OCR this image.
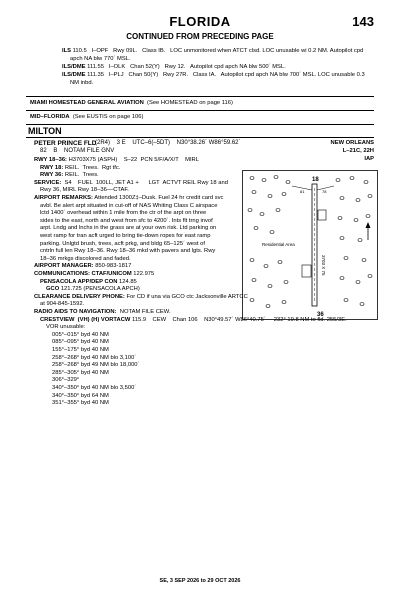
FLORIDA	143
CONTINUED FROM PRECEDING PAGE
ILS 110.5   I–OPF   Rwy 09L.   Class IB.   LOC unmonitored when ATCT clsd. LOC unusable wi 0.2 NM. Autopilot cpd
apch NA blw 770´ MSL.
ILS/DME 111.55   I–OLK   Chan 52(Y)   Rwy 12.   Autopilot cpd apch NA blw 500´ MSL.
ILS/DME 111.35   I–PLJ   Chan 50(Y)   Rwy 27R.   Class IA.   Autopilot cpd apch NA blw 700´ MSL. LOC unusable 0.3
NM inbd.
MIAMI HOMESTEAD GENERAL AVIATION  (See HOMESTEAD on page 116)
MID–FLORIDA  (See EUSTIS on page 106)
MILTON
PETER PRINCE FLD
(2R4)    3 E    UTC–6(–5DT)    N30°38.26´ W86°59.62´
82    B    NOTAM FILE GNV
NEW ORLEANS
L–21C, 22H
IAP
RWY 18–36: H3703X75 (ASPH)    S–22  PCN 5/F/A/X/T    MIRL
RWY 18: REIL.  Trees.  Rgt tfc.
RWY 36: REIL.  Trees.
SERVICE:  S4    FUEL  100LL, JET A1 +      LGT  ACTVT REIL Rwy 18 and
Rwy 36, MIRL Rwy 18–36––CTAF.
AIRPORT REMARKS: Attended 1300Z‡–Dusk. Fuel 24 hr credit card svc
avbl. Be alert arpt situated in cut-off of NAS Whiting Class C airspace
lctd 1400´ overhead within 1 mile from the ctr of the arpt on three
sides to the east, north and west from sfc to 4200´. Ints flt trng invof
arpt. Lndg and lnchs in the grass are at your own risk. Ltd parking on
west ramp for tran acft urged to bring tie-down ropes for east ramp
parking. Unlgtd brush, trees, acft prkg, and bldg 65–125´ west of
cntrln full len Rwy 18–36. Rwy 18–36 mkd with pavers and lgts. Rwy
18–36 mrkgs discolored and faded.
AIRPORT MANAGER: 850-983-1817
COMMUNICATIONS: CTAF/UNICOM 122.975
PENSACOLA APP/DEP CON 124.85
GCO 121.725 (PENSACOLA APCH)
CLEARANCE DELIVERY PHONE: For CD if una via GCO ctc Jacksonville ARTCC
at 904-845-1592.
RADIO AIDS TO NAVIGATION:  NOTAM FILE CEW.
CRESTVIEW  (VH) (H) VORTACW 115.9    CEW    Chan 106    N30°49.57´ W86°40.75´     232° 19.8 NM to fld. 255/3E.
VOR unusable:
005°–015° byd 40 NM
085°–095° byd 40 NM
155°–175° byd 40 NM
258°–268° byd 40 NM blo 3,100´
258°–268° byd 49 NM blo 18,000´
285°–305° byd 40 NM
306°–329°
340°–350° byd 40 NM blo 3,500´
340°–350° byd 64 NM
351°–355° byd 40 NM
18
36
3703 X 75
Residential Area
81	78
SE, 3 SEP 2026 to 29 OCT 2026
